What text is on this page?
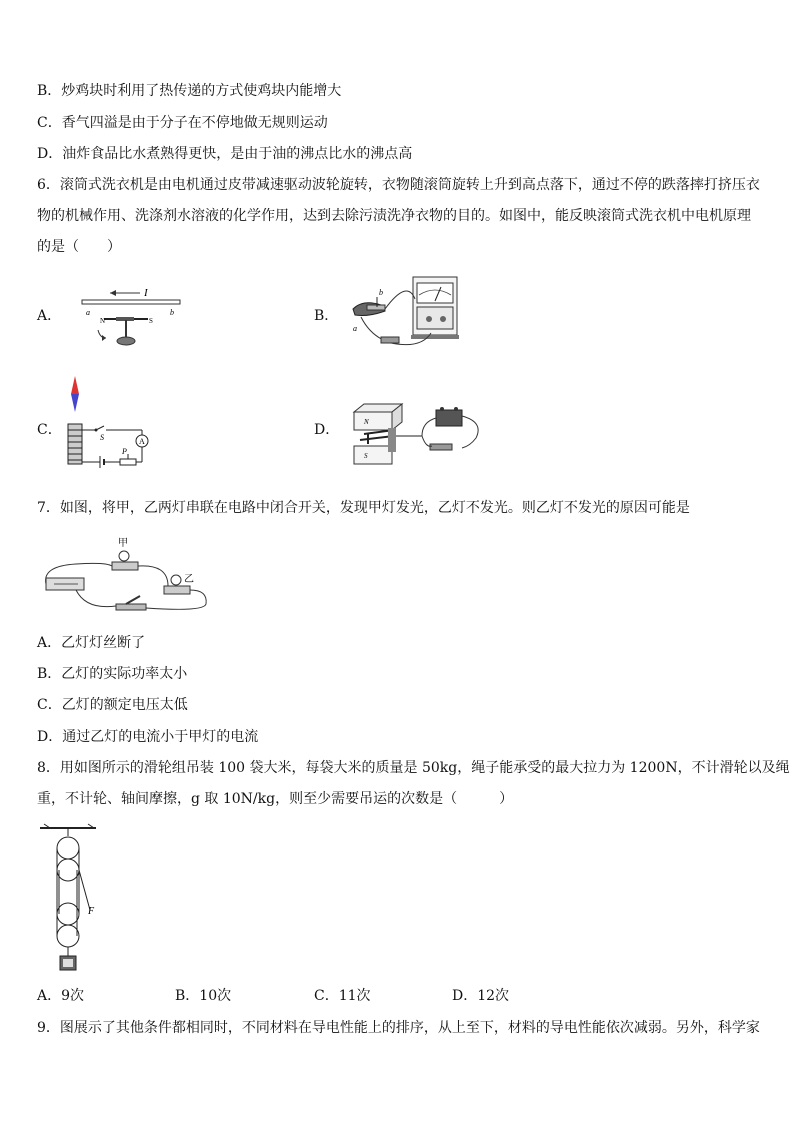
B．炒鸡块时利用了热传递的方式使鸡块内能增大
C．香气四溢是由于分子在不停地做无规则运动
D．油炸食品比水煮熟得更快，是由于油的沸点比水的沸点高
6．滚筒式洗衣机是由电机通过皮带减速驱动波轮旋转，衣物随滚筒旋转上升到高点落下，通过不停的跌落摔打挤压衣
物的机械作用、洗涤剂水溶液的化学作用，达到去除污渍洗净衣物的目的。如图中，能反映滚筒式洗衣机中电机原理
的是（　　）
A．
I
a	b
N	S	B．
b
a
C．	S	A
P
D．	N
S
7．如图，将甲，乙两灯串联在电路中闭合开关，发现甲灯发光，乙灯不发光。则乙灯不发光的原因可能是
甲
乙
A．乙灯灯丝断了
B．乙灯的实际功率太小
C．乙灯的额定电压太低
D．通过乙灯的电流小于甲灯的电流
8．用如图所示的滑轮组吊装 100 袋大米，每袋大米的质量是 50kg，绳子能承受的最大拉力为 1200N，不计滑轮以及绳
重，不计轮、轴间摩擦，g 取 10N/kg，则至少需要吊运的次数是（　　　）
F
A．9次	B．10次	C．11次	D．12次
9．图展示了其他条件都相同时，不同材料在导电性能上的排序，从上至下，材料的导电性能依次减弱。另外，科学家
